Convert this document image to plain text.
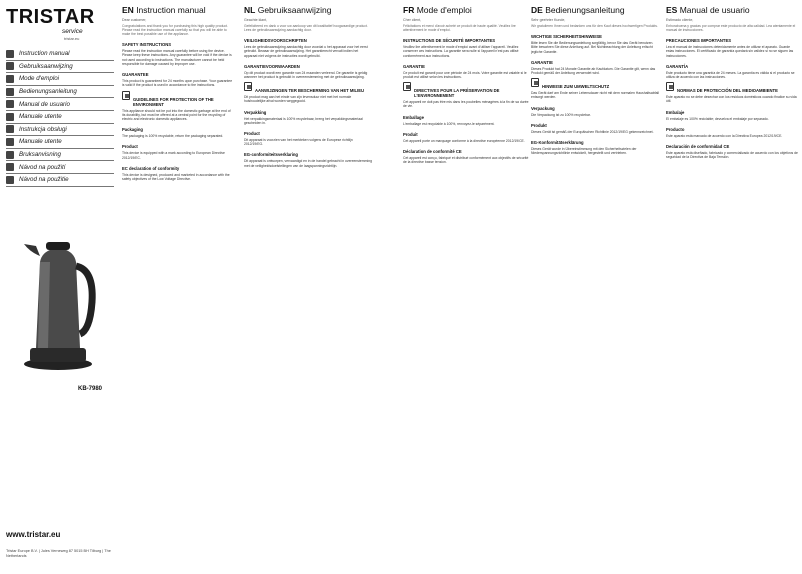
TRISTAR
service
tristar.eu
Instruction manual
Gebruiksaanwijzing
Mode d'emploi
Bedienungsanleitung
Manual de usuario
Manuale utente
Instrukcja obsługi
Manuale utente
Bruksanvisning
Návod na použití
Návod na použitie
KB-7980
www.tristar.eu
Tristar Europe B.V. | Jules Verneweg 87 5015 BH Tilburg | The Netherlands
EN Instruction manual
Dear customer,
Congratulations and thank you for purchasing this high quality product. Please read the instruction manual carefully so that you will be able to make the best possible use of the appliance.
SAFETY INSTRUCTIONS
Please read the instruction manual carefully before using the device. Please keep these instructions. Any guarantee will be void if the device is not used according to instructions. The manufacturer cannot be held responsible for damage caused by improper use.
GUARANTEE
This product is guaranteed for 24 months upon purchase. Your guarantee is valid if the product is used in accordance to the instructions.
GUIDELINES FOR PROTECTION OF THE ENVIRONMENT
This appliance should not be put into the domestic garbage at the end of its durability, but must be offered at a central point for the recycling of electric and electronic domestic appliances.
Packaging
The packaging is 100% recyclable, return the packaging separated.
Product
This device is equipped with a mark according to European Directive 2012/19/EC.
EC declaration of conformity
This device is designed, produced and marketed in accordance with the safety objectives of the Low Voltage Directive.
NL Gebruiksaanwijzing
Geachte klant,
Gefeliciteerd en dank u voor uw aankoop van dit kwalitatief hoogwaardige product. Lees de gebruiksaanwijzing aandachtig door.
VEILIGHEIDSVOORSCHRIFTEN
Lees de gebruiksaanwijzing aandachtig door voordat u het apparaat voor het eerst gebruikt. Bewaar de gebruiksaanwijzing. Het garantierecht vervalt indien het apparaat niet volgens de instructies wordt gebruikt.
GARANTIEVOORWAARDEN
Op dit product wordt een garantie van 24 maanden verleend. De garantie is geldig wanneer het product is gebruikt in overeenstemming met de gebruiksaanwijzing.
AANWIJZINGEN TER BESCHERMING VAN HET MILIEU
Dit product mag aan het einde van zijn levensduur niet met het normale huishoudelijke afval worden weggegooid.
Verpakking
Het verpakkingsmateriaal is 100% recyclebaar, breng het verpakkingsmateriaal gescheiden in.
Product
Dit apparaat is voorzien van het merkteken volgens de Europese richtlijn 2012/19/EG.
EG-conformiteitsverklaring
Dit apparaat is ontworpen, vervaardigd en in de handel gebracht in overeenstemming met de veiligheidsdoelstellingen van de laagspanningsrichtlijn.
FR Mode d'emploi
Cher client,
Félicitations et merci d'avoir acheté ce produit de haute qualité. Veuillez lire attentivement le mode d'emploi.
INSTRUCTIONS DE SÉCURITÉ IMPORTANTES
Veuillez lire attentivement le mode d'emploi avant d'utiliser l'appareil. Veuillez conserver ces instructions. La garantie sera nulle si l'appareil n'est pas utilisé conformément aux instructions.
GARANTIE
Ce produit est garanti pour une période de 24 mois. Votre garantie est valable si le produit est utilisé selon les instructions.
DIRECTIVES POUR LA PRÉSERVATION DE L'ENVIRONNEMENT
Cet appareil ne doit pas être mis dans les poubelles ménagères à la fin de sa durée de vie.
Emballage
L'emballage est recyclable à 100%, renvoyez-le séparément.
Produit
Cet appareil porte un marquage conforme à la directive européenne 2012/19/CE.
Déclaration de conformité CE
Cet appareil est conçu, fabriqué et distribué conformément aux objectifs de sécurité de la directive basse tension.
DE Bedienungsanleitung
Sehr geehrter Kunde,
Wir gratulieren Ihnen und bedanken uns für den Kauf dieses hochwertigen Produkts.
WICHTIGE SICHERHEITSHINWEISE
Bitte lesen Sie die Bedienungsanleitung sorgfältig, bevor Sie das Gerät benutzen. Bitte bewahren Sie diese Anleitung auf. Bei Nichtbeachtung der Anleitung erlischt jegliche Garantie.
GARANTIE
Dieses Produkt hat 24 Monate Garantie ab Kaufdatum. Die Garantie gilt, wenn das Produkt gemäß der Anleitung verwendet wird.
HINWEISE ZUM UMWELTSCHUTZ
Das Gerät darf am Ende seiner Lebensdauer nicht mit dem normalen Haushaltsabfall entsorgt werden.
Verpackung
Die Verpackung ist zu 100% recyclebar.
Produkt
Dieses Gerät ist gemäß der Europäischen Richtlinie 2012/19/EG gekennzeichnet.
EG-Konformitätserklärung
Dieses Gerät wurde in Übereinstimmung mit den Sicherheitszielen der Niederspannungsrichtlinie entwickelt, hergestellt und vertrieben.
ES Manual de usuario
Estimado cliente,
Enhorabuena y gracias por comprar este producto de alta calidad. Lea atentamente el manual de instrucciones.
PRECAUCIONES IMPORTANTES
Lea el manual de instrucciones detenidamente antes de utilizar el aparato. Guarde estas instrucciones. El certificado de garantía quedará sin validez si no se siguen las instrucciones.
GARANTÍA
Este producto tiene una garantía de 24 meses. La garantía es válida si el producto se utiliza de acuerdo con las instrucciones.
NORMAS DE PROTECCIÓN DEL MEDIOAMBIENTE
Este aparato no se debe desechar con los residuos domésticos cuando finalice su vida útil.
Embalaje
El embalaje es 100% reciclable; devuelva el embalaje por separado.
Producto
Este aparato está marcado de acuerdo con la Directiva Europea 2012/19/CE.
Declaración de conformidad CE
Este aparato está diseñado, fabricado y comercializado de acuerdo con los objetivos de seguridad de la Directiva de Baja Tensión.
